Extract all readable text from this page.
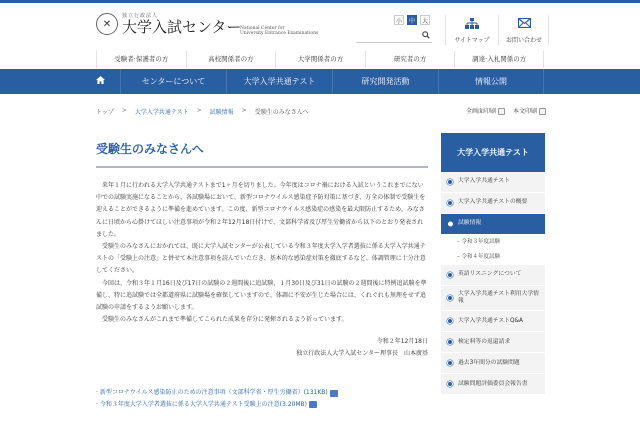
✕
独立行政法人
大学入試センター
National Center for
University Entrance Examinations
小	中	大
サイトマップ	お問い合わせ
受験者·保護者の方	高校関係者の方	大学関係者の方	研究者の方	調達·入札関係の方
センターについて	大学入学共通テスト	研究開発活動	情報公開
トップ > 大学入学共通テスト > 試験情報 > 受験生のみなさんへ	全画面印刷	本文印刷
受験生のみなさんへ

来年１月に行われる大学入学共通テストまで1ヶ月を切りました。今年度はコロナ禍における入試というこれまでにない中での試験実施になることから、各試験場において、新型コロナウイルス感染症予防対策に基づき、万全の体制で受験生を迎えることができるように準備を進めています。この度、新型コロナウイルス感染症の感染を最大限防止するため、みなさんに日頃から心掛けてほしい注意事項が令和２年12月18日付けで、文部科学省及び厚生労働省から以下のとおり発表されました。

受験生のみなさんにおかれては、既に大学入試センターが公表している令和３年度大学入学者選抜に係る大学入学共通テストの「受験上の注意」と併せて本注意事項を読んでいただき、基本的な感染症対策を徹底するなど、体調管理に十分注意してください。

今回は、令和３年１月16日及び17日の試験の２週間後に追試験、１月30日及び31日の試験の２週間後に特例追試験を準備し、特に追試験では全都道府県に試験場を確保していますので、体調に不安が生じた場合には、くれぐれも無理をせず追試験の申請をするようお願いします。

受験生のみなさんがこれまで準備してこられた成果を存分に発揮されるよう祈っています。

令和２年12月18日
独立行政法人大学入試センター理事長　山本廣基
· 新型コロナウイルス感染防止のための注意事項（文部科学省・厚生労働省）(131KB)
· 令和３年度大学入学者選抜に係る大学入学共通テスト受験上の注意(3.20MB)
大学入学共通テスト
大学入学共通テスト
大学入学共通テストの概要
試験情報
– 令和３年度試験
– 令和４年度試験
英語リスニングについて
大学入学共通テスト利用大学情報
大学入学共通テストQ&A
検定料等の返還請求
過去3年間分の試験問題
試験問題評価委員会報告書
